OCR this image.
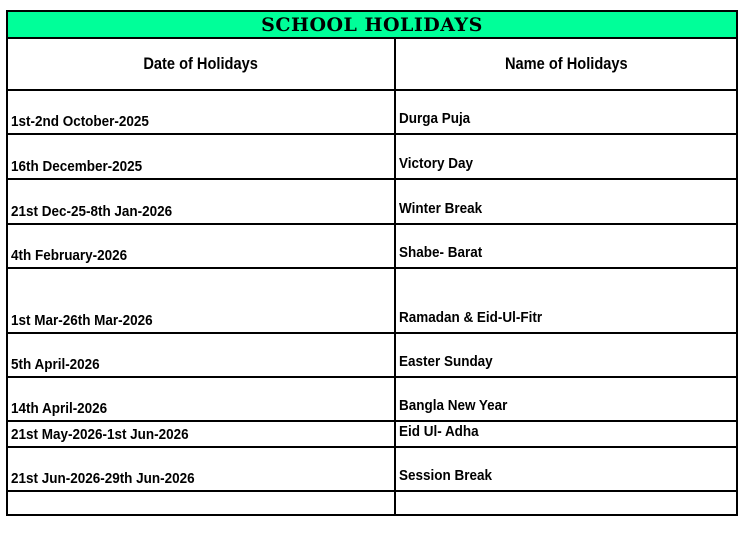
SCHOOL HOLIDAYS	
Date of Holidays	Name of Holidays
1st-2nd October-2025	Durga Puja
16th December-2025	Victory Day
21st Dec-25-8th Jan-2026	Winter Break
4th February-2026	Shabe- Barat
1st Mar-26th Mar-2026	Ramadan & Eid-Ul-Fitr
5th April-2026	Easter Sunday
14th April-2026	Bangla New Year
21st May-2026-1st Jun-2026	Eid Ul- Adha
21st Jun-2026-29th Jun-2026	Session Break
